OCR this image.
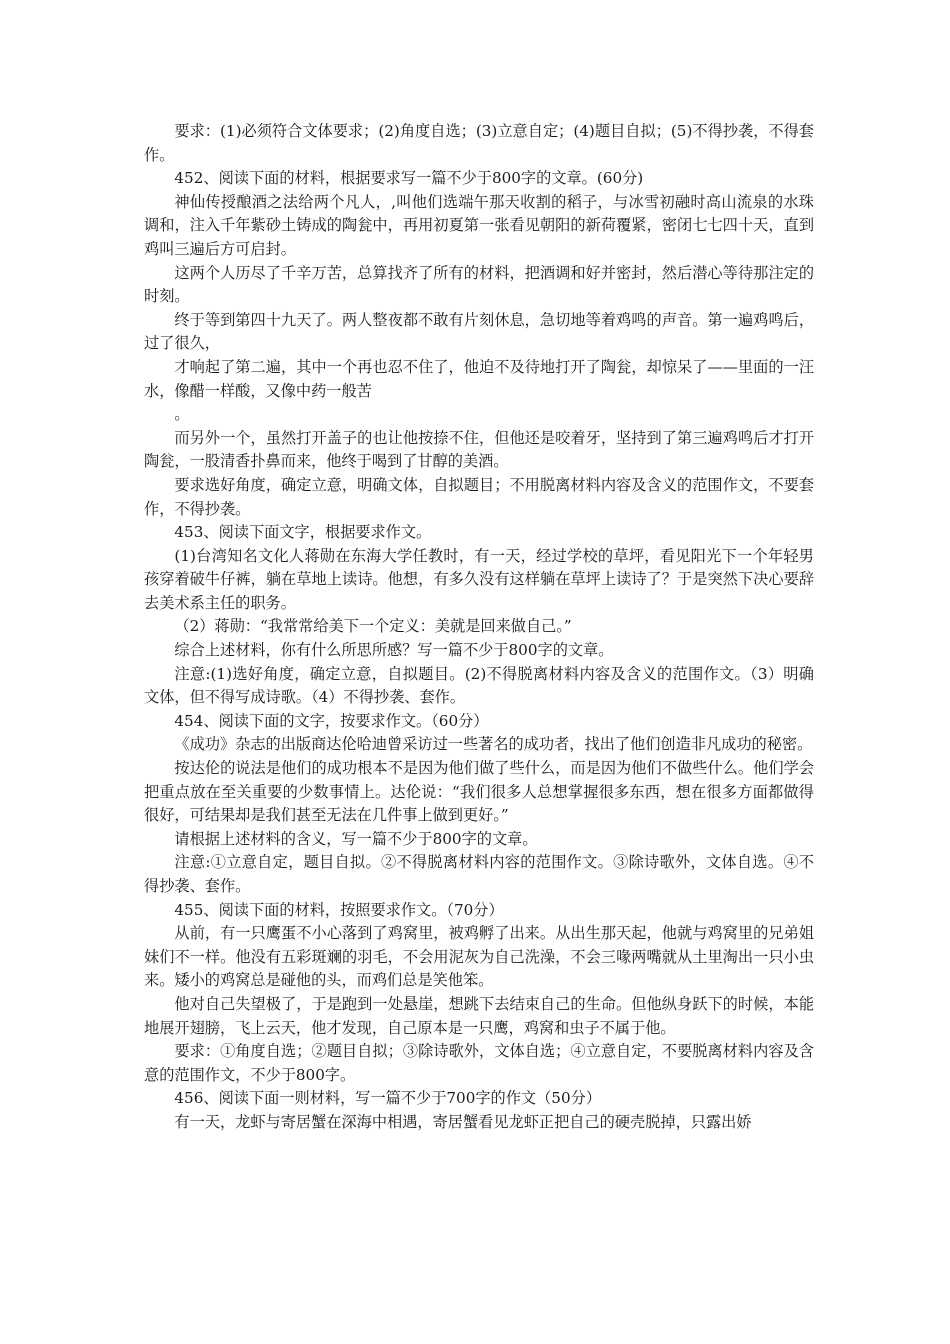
要求：(1)必须符合文体要求；(2)角度自选；(3)立意自定；(4)题目自拟；(5)不得抄袭，不得套作。

452、阅读下面的材料，根据要求写一篇不少于800字的文章。(60分)

神仙传授酿酒之法给两个凡人，,叫他们选端午那天收割的稻子，与冰雪初融时高山流泉的水珠调和，注入千年紫砂土铸成的陶瓮中，再用初夏第一张看见朝阳的新荷覆紧，密闭七七四十天，直到鸡叫三遍后方可启封。

这两个人历尽了千辛万苦，总算找齐了所有的材料，把酒调和好并密封，然后潜心等待那注定的时刻。

终于等到第四十九天了。两人整夜都不敢有片刻休息，急切地等着鸡鸣的声音。第一遍鸡鸣后，过了很久，

才响起了第二遍，其中一个再也忍不住了，他迫不及待地打开了陶瓮，却惊呆了——里面的一汪水，像醋一样酸，又像中药一般苦

。

而另外一个，虽然打开盖子的也让他按捺不住，但他还是咬着牙，坚持到了第三遍鸡鸣后才打开陶瓮，一股清香扑鼻而来，他终于喝到了甘醇的美酒。

要求选好角度，确定立意，明确文体，自拟题目；不用脱离材料内容及含义的范围作文，不要套作，不得抄袭。

453、阅读下面文字，根据要求作文。

(1)台湾知名文化人蒋勋在东海大学任教时，有一天，经过学校的草坪，看见阳光下一个年轻男孩穿着破牛仔裤，躺在草地上读诗。他想，有多久没有这样躺在草坪上读诗了？于是突然下决心要辞去美术系主任的职务。

（2）蒋勋：“我常常给美下一个定义：美就是回来做自己。”

综合上述材料，你有什么所思所感？写一篇不少于800字的文章。

注意:(1)选好角度，确定立意，自拟题目。(2)不得脱离材料内容及含义的范围作文。（3）明确文体，但不得写成诗歌。（4）不得抄袭、套作。

454、阅读下面的文字，按要求作文。（60分）

《成功》杂志的出版商达伦哈迪曾采访过一些著名的成功者，找出了他们创造非凡成功的秘密。

按达伦的说法是他们的成功根本不是因为他们做了些什么，而是因为他们不做些什么。他们学会把重点放在至关重要的少数事情上。达伦说：“我们很多人总想掌握很多东西，想在很多方面都做得很好，可结果却是我们甚至无法在几件事上做到更好。”

请根据上述材料的含义，写一篇不少于800字的文章。

注意:①立意自定，题目自拟。②不得脱离材料内容的范围作文。③除诗歌外，文体自选。④不得抄袭、套作。

455、阅读下面的材料，按照要求作文。（70分）

从前，有一只鹰蛋不小心落到了鸡窝里，被鸡孵了出来。从出生那天起，他就与鸡窝里的兄弟姐妹们不一样。他没有五彩斑斓的羽毛，不会用泥灰为自己洗澡，不会三喙两嘴就从土里淘出一只小虫来。矮小的鸡窝总是碰他的头，而鸡们总是笑他笨。

他对自己失望极了，于是跑到一处悬崖，想跳下去结束自己的生命。但他纵身跃下的时候，本能地展开翅膀，飞上云天，他才发现，自己原本是一只鹰，鸡窝和虫子不属于他。

要求：①角度自选；②题目自拟；③除诗歌外，文体自选；④立意自定，不要脱离材料内容及含意的范围作文，不少于800字。

456、阅读下面一则材料，写一篇不少于700字的作文（50分）

有一天，龙虾与寄居蟹在深海中相遇，寄居蟹看见龙虾正把自己的硬壳脱掉，只露出娇
